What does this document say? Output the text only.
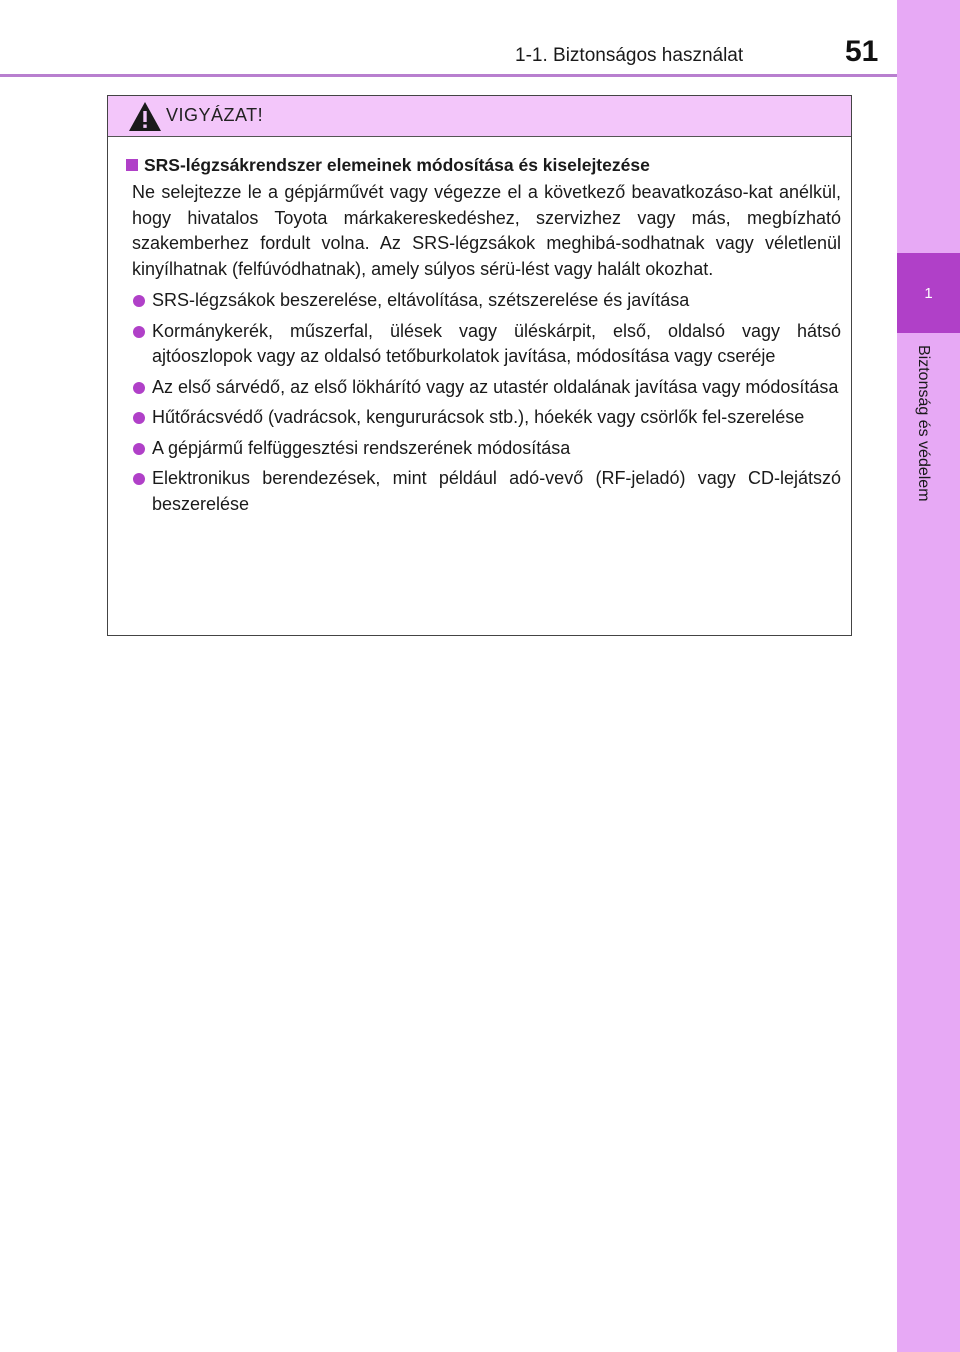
1
Biztonság és védelem
1-1. Biztonságos használat	51
VIGYÁZAT!
SRS-légzsákrendszer elemeinek módosítása és kiselejtezése
Ne selejtezze le a gépjárművét vagy végezze el a következő beavatkozáso-kat anélkül, hogy hivatalos Toyota márkakereskedéshez, szervizhez vagy más, megbízható szakemberhez fordult volna. Az SRS-légzsákok meghibá-sodhatnak vagy véletlenül kinyílhatnak (felfúvódhatnak), amely súlyos sérü-lést vagy halált okozhat.
SRS-légzsákok beszerelése, eltávolítása, szétszerelése és javítása
Kormánykerék, műszerfal, ülések vagy üléskárpit, első, oldalsó vagy hátsó ajtóoszlopok vagy az oldalsó tetőburkolatok javítása, módosítása vagy cseréje
Az első sárvédő, az első lökhárító vagy az utastér oldalának javítása vagy módosítása
Hűtőrácsvédő (vadrácsok, kengururácsok stb.), hóekék vagy csörlők fel-szerelése
A gépjármű felfüggesztési rendszerének módosítása
Elektronikus berendezések, mint például adó-vevő (RF-jeladó) vagy CD-lejátszó beszerelése
